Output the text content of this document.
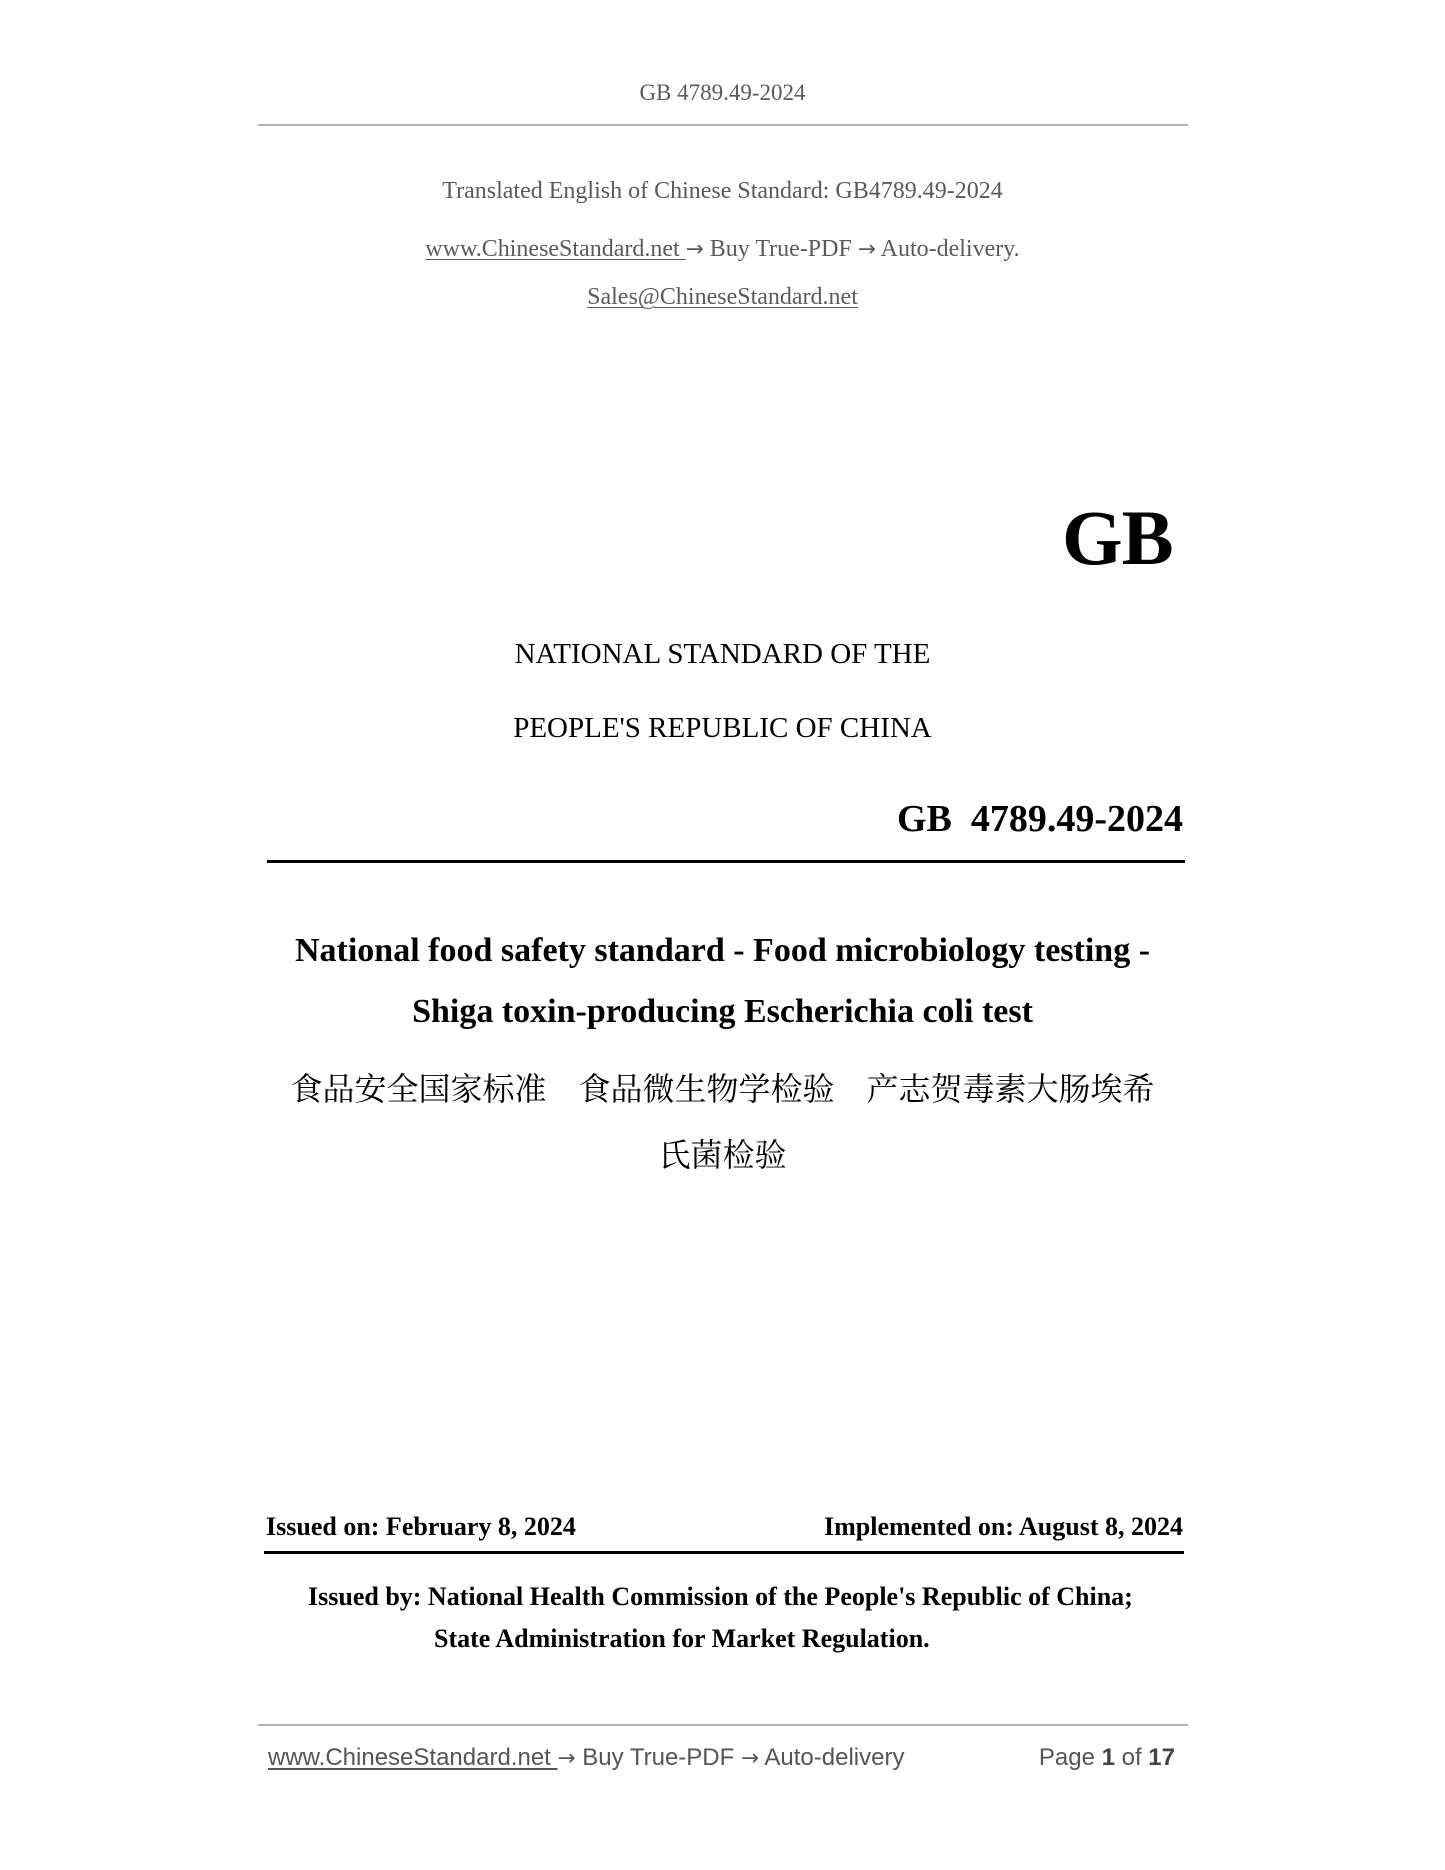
GB 4789.49-2024
Translated English of Chinese Standard: GB4789.49-2024
www.ChineseStandard.net → Buy True-PDF → Auto-delivery.
Sales@ChineseStandard.net
GB
NATIONAL STANDARD OF THE
PEOPLE'S REPUBLIC OF CHINA
GB  4789.49-2024
National food safety standard - Food microbiology testing -
Shiga toxin-producing Escherichia coli test
食品安全国家标准　食品微生物学检验　产志贺毒素大肠埃希
氏菌检验
Issued on: February 8, 2024	Implemented on: August 8, 2024
Issued by: National Health Commission of the People's Republic of China;
State Administration for Market Regulation.
www.ChineseStandard.net → Buy True-PDF → Auto-delivery	Page 1 of 17
